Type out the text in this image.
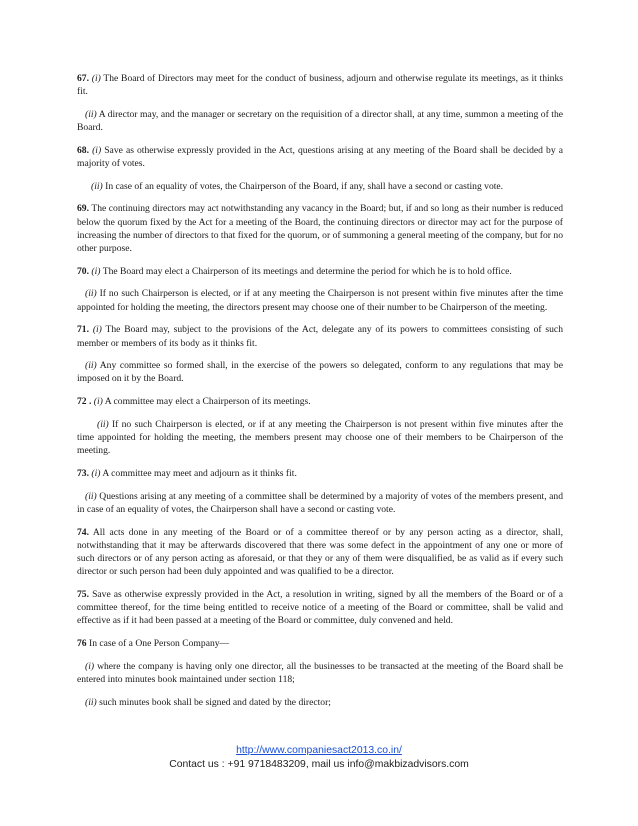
67. (i) The Board of Directors may meet for the conduct of business, adjourn and otherwise regulate its meetings, as it thinks fit.

(ii) A director may, and the manager or secretary on the requisition of a director shall, at any time, summon a meeting of the Board.

68. (i) Save as otherwise expressly provided in the Act, questions arising at any meeting of the Board shall be decided by a majority of votes.

(ii) In case of an equality of votes, the Chairperson of the Board, if any, shall have a second or casting vote.

69. The continuing directors may act notwithstanding any vacancy in the Board; but, if and so long as their number is reduced below the quorum fixed by the Act for a meeting of the Board, the continuing directors or director may act for the purpose of increasing the number of directors to that fixed for the quorum, or of summoning a general meeting of the company, but for no other purpose.

70. (i) The Board may elect a Chairperson of its meetings and determine the period for which he is to hold office.

(ii) If no such Chairperson is elected, or if at any meeting the Chairperson is not present within five minutes after the time appointed for holding the meeting, the directors present may choose one of their number to be Chairperson of the meeting.

71. (i) The Board may, subject to the provisions of the Act, delegate any of its powers to committees consisting of such member or members of its body as it thinks fit.

(ii) Any committee so formed shall, in the exercise of the powers so delegated, conform to any regulations that may be imposed on it by the Board.

72 . (i) A committee may elect a Chairperson of its meetings.

(ii) If no such Chairperson is elected, or if at any meeting the Chairperson is not present within five minutes after the time appointed for holding the meeting, the members present may choose one of their members to be Chairperson of the meeting.

73. (i) A committee may meet and adjourn as it thinks fit.

(ii) Questions arising at any meeting of a committee shall be determined by a majority of votes of the members present, and in case of an equality of votes, the Chairperson shall have a second or casting vote.

74. All acts done in any meeting of the Board or of a committee thereof or by any person acting as a director, shall, notwithstanding that it may be afterwards discovered that there was some defect in the appointment of any one or more of such directors or of any person acting as aforesaid, or that they or any of them were disqualified, be as valid as if every such director or such person had been duly appointed and was qualified to be a director.

75. Save as otherwise expressly provided in the Act, a resolution in writing, signed by all the members of the Board or of a committee thereof, for the time being entitled to receive notice of a meeting of the Board or committee, shall be valid and effective as if it had been passed at a meeting of the Board or committee, duly convened and held.

76 In case of a One Person Company—

(i) where the company is having only one director, all the businesses to be transacted at the meeting of the Board shall be entered into minutes book maintained under section 118;

(ii) such minutes book shall be signed and dated by the director;

http://www.companiesact2013.co.in/
Contact us : +91 9718483209, mail us info@makbizadvisors.com
